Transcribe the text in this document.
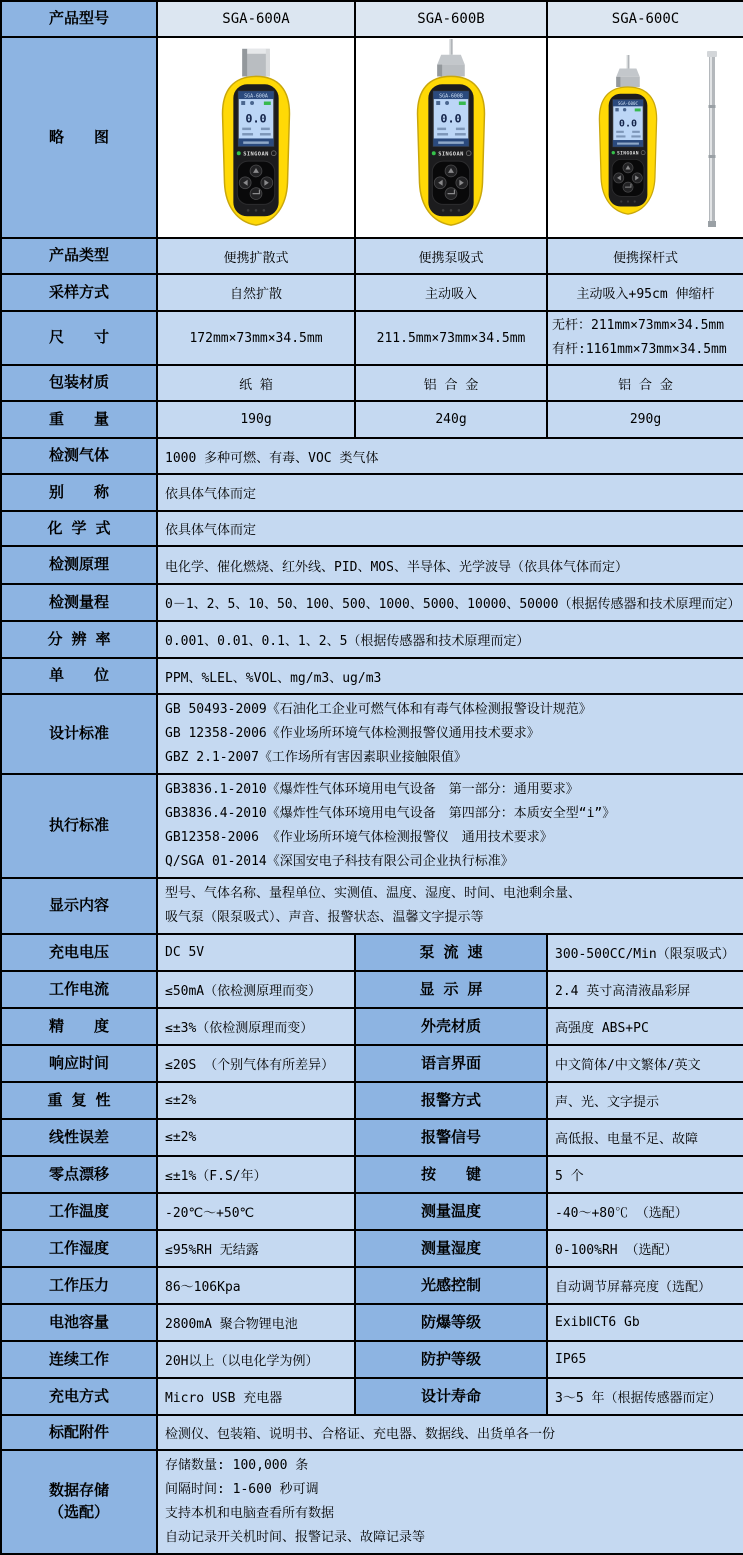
产品型号	SGA-600A	SGA-600B	SGA-600C
略　　图	SGA-600A
0.0
SINGOAN	SGA-600B
0.0
SINGOAN	SGA-600C
0.0
SINGOAN

产品类型	便携扩散式	便携泵吸式	便携探杆式
采样方式	自然扩散	主动吸入	主动吸入+95cm 伸缩杆
尺　　寸	172mm×73mm×34.5mm	211.5mm×73mm×34.5mm	无杆：211mm×73mm×34.5mm
有杆:1161mm×73mm×34.5mm

包装材质	纸 箱	铝 合 金	铝 合 金
重　　量	190g	240g	290g
检测气体	1000 多种可燃、有毒、VOC 类气体		
别　　称	依具体气体而定		
化 学 式	依具体气体而定		
检测原理	电化学、催化燃烧、红外线、PID、MOS、半导体、光学波导（依具体气体而定）		
检测量程	0－1、2、5、10、50、100、500、1000、5000、10000、50000（根据传感器和技术原理而定）		
分 辨 率	0.001、0.01、0.1、1、2、5（根据传感器和技术原理而定）		
单　　位	PPM、%LEL、%VOL、mg/m3、ug/m3		
设计标准	GB 50493-2009《石油化工企业可燃气体和有毒气体检测报警设计规范》
GB 12358-2006《作业场所环境气体检测报警仪通用技术要求》
GBZ 2.1-2007《工作场所有害因素职业接触限值》		

执行标准	GB3836.1-2010《爆炸性气体环境用电气设备　第一部分：通用要求》
GB3836.4-2010《爆炸性气体环境用电气设备　第四部分：本质安全型“i”》
GB12358-2006 《作业场所环境气体检测报警仪　通用技术要求》
Q/SGA 01-2014《深国安电子科技有限公司企业执行标准》		

显示内容	型号、气体名称、量程单位、实测值、温度、湿度、时间、电池剩余量、
吸气泵（限泵吸式）、声音、报警状态、温馨文字提示等		

充电电压	DC 5V	泵 流 速	300-500CC/Min（限泵吸式）
工作电流	≤50mA（依检测原理而变）	显 示 屏	2.4 英寸高清液晶彩屏
精　　度	≤±3%（依检测原理而变）	外壳材质	高强度 ABS+PC
响应时间	≤20S （个别气体有所差异）	语言界面	中文简体/中文繁体/英文
重 复 性	≤±2%	报警方式	声、光、文字提示
线性误差	≤±2%	报警信号	高低报、电量不足、故障
零点漂移	≤±1%（F.S/年）	按　　键	5 个
工作温度	-20℃～+50℃	测量温度	-40～+80℃ （选配）
工作湿度	≤95%RH 无结露	测量湿度	0-100%RH （选配）
工作压力	86～106Kpa	光感控制	自动调节屏幕亮度（选配）
电池容量	2800mA 聚合物锂电池	防爆等级	ExibⅡCT6 Gb
连续工作	20H以上（以电化学为例）	防护等级	IP65
充电方式	Micro USB 充电器	设计寿命	3～5 年（根据传感器而定）
标配附件	检测仪、包装箱、说明书、合格证、充电器、数据线、出货单各一份		

数据存储
（选配）

存储数量: 100,000 条
间隔时间: 1-600 秒可调
支持本机和电脑查看所有数据
自动记录开关机时间、报警记录、故障记录等
